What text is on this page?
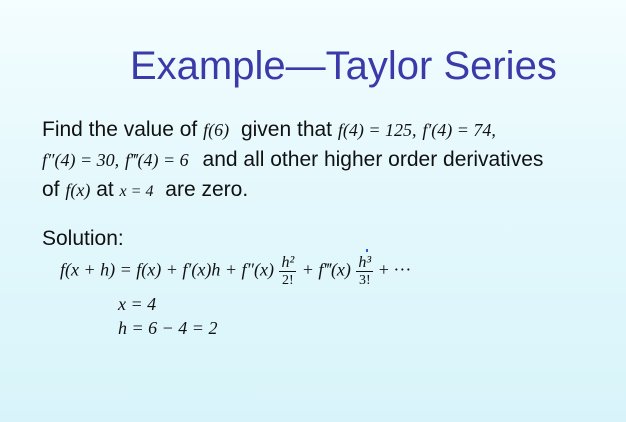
Example—Taylor Series
Find the value of f(6) given that f(4) = 125, f′(4) = 74,
f″(4) = 30, f‴(4) = 6 and all other higher order derivatives
of f(x) at x = 4 are zero.
Solution:
$f(x + h) = f(x) + f'(x)h + f''(x) \frac{\text{h²}}{2!}$ + f‴(x) $\frac{\text{h³}}{3!}$ + ···
x = 4
h = 6 − 4 = 2
